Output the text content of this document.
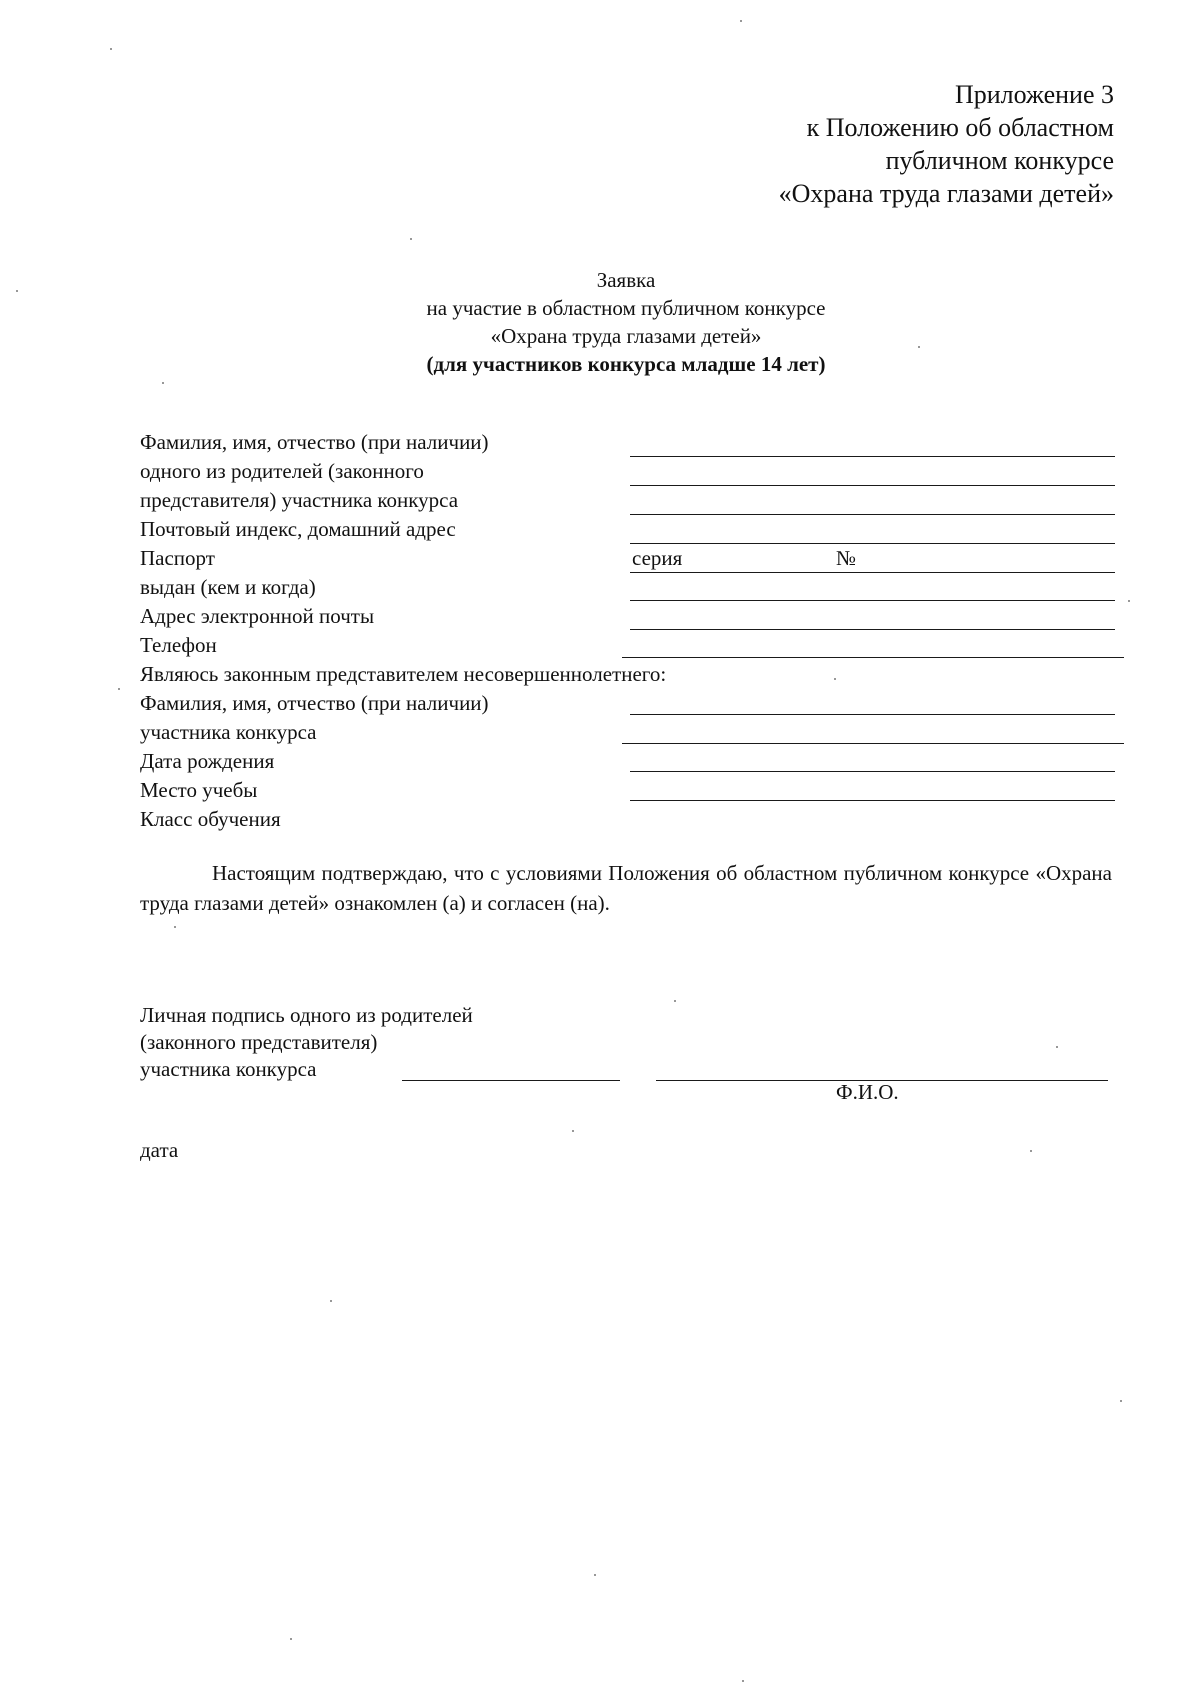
Приложение 3
к Положению об областном
публичном конкурсе
«Охрана труда глазами детей»
Заявка
на участие в областном публичном конкурсе
«Охрана труда глазами детей»
(для участников конкурса младше 14 лет)
Фамилия, имя, отчество (при наличии)
одного из родителей (законного
представителя) участника конкурса
Почтовый индекс, домашний адрес
Паспорт
выдан (кем и когда)
Адрес электронной почты
Телефон
Являюсь законным представителем несовершеннолетнего:
Фамилия, имя, отчество (при наличии)
участника конкурса
Дата рождения
Место учебы
Класс обучения
серия	№
Настоящим подтверждаю, что с условиями Положения об областном публичном конкурсе «Охрана труда глазами детей» ознакомлен (а) и согласен (на).
Личная подпись одного из родителей
(законного представителя)
участника конкурса
Ф.И.О.
дата
